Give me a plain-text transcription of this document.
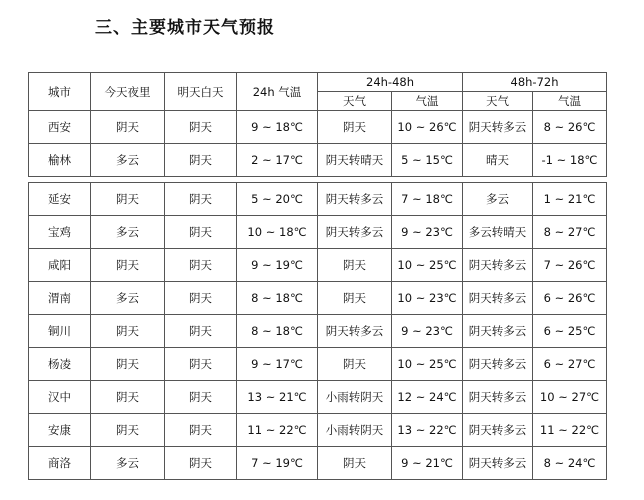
三、主要城市天气预报
城市	今天夜里	明天白天	24h 气温	24h-48h		48h-72h	
				天气	气温	天气	气温
西安	阴天	阴天	9 ~ 18℃	阴天	10 ~ 26℃	阴天转多云	8 ~ 26℃
榆林	多云	阴天	2 ~ 17℃	阴天转晴天	5 ~ 15℃	晴天	-1 ~ 18℃

延安	阴天	阴天	5 ~ 20℃	阴天转多云	7 ~ 18℃	多云	1 ~ 21℃
宝鸡	多云	阴天	10 ~ 18℃	阴天转多云	9 ~ 23℃	多云转晴天	8 ~ 27℃
咸阳	阴天	阴天	9 ~ 19℃	阴天	10 ~ 25℃	阴天转多云	7 ~ 26℃
渭南	多云	阴天	8 ~ 18℃	阴天	10 ~ 23℃	阴天转多云	6 ~ 26℃
铜川	阴天	阴天	8 ~ 18℃	阴天转多云	9 ~ 23℃	阴天转多云	6 ~ 25℃
杨凌	阴天	阴天	9 ~ 17℃	阴天	10 ~ 25℃	阴天转多云	6 ~ 27℃
汉中	阴天	阴天	13 ~ 21℃	小雨转阴天	12 ~ 24℃	阴天转多云	10 ~ 27℃
安康	阴天	阴天	11 ~ 22℃	小雨转阴天	13 ~ 22℃	阴天转多云	11 ~ 22℃
商洛	多云	阴天	7 ~ 19℃	阴天	9 ~ 21℃	阴天转多云	8 ~ 24℃
